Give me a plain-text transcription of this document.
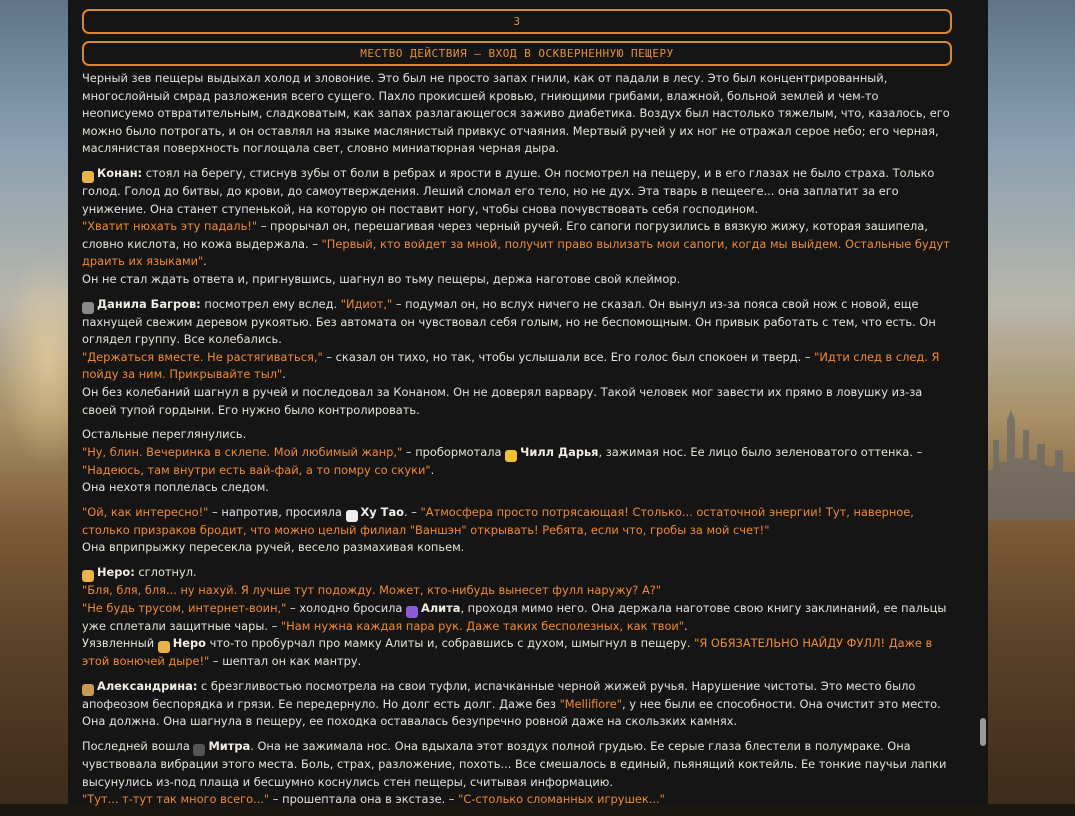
3
МЕСТВО ДЕЙСТВИЯ – ВХОД В ОСКВЕРНЕННУЮ ПЕЩЕРУ

Черный зев пещеры выдыхал холод и зловоние. Это был не просто запах гнили, как от падали в лесу. Это был концентрированный, многослойный смрад разложения всего сущего. Пахло прокисшей кровью, гниющими грибами, влажной, больной землей и чем-то неописуемо отвратительным, сладковатым, как запах разлагающегося заживо диабетика. Воздух был настолько тяжелым, что, казалось, его можно было потрогать, и он оставлял на языке маслянистый привкус отчаяния. Мертвый ручей у их ног не отражал серое небо; его черная, маслянистая поверхность поглощала свет, словно миниатюрная черная дыра.

Конан: стоял на берегу, стиснув зубы от боли в ребрах и ярости в душе. Он посмотрел на пещеру, и в его глазах не было страха. Только голод. Голод до битвы, до крови, до самоутверждения. Леший сломал его тело, но не дух. Эта тварь в пещееге... она заплатит за его унижение. Она станет ступенькой, на которую он поставит ногу, чтобы снова почувствовать себя господином.
"Хватит нюхать эту падаль!" – прорычал он, перешагивая через черный ручей. Его сапоги погрузились в вязкую жижу, которая зашипела, словно кислота, но кожа выдержала. – "Первый, кто войдет за мной, получит право вылизать мои сапоги, когда мы выйдем. Остальные будут драить их языками".
Он не стал ждать ответа и, пригнувшись, шагнул во тьму пещеры, держа наготове свой клеймор.

Данила Багров: посмотрел ему вслед. "Идиот," – подумал он, но вслух ничего не сказал. Он вынул из-за пояса свой нож с новой, еще пахнущей свежим деревом рукоятью. Без автомата он чувствовал себя голым, но не беспомощным. Он привык работать с тем, что есть. Он оглядел группу. Все колебались.
"Держаться вместе. Не растягиваться," – сказал он тихо, но так, чтобы услышали все. Его голос был спокоен и тверд. – "Идти след в след. Я пойду за ним. Прикрывайте тыл".
Он без колебаний шагнул в ручей и последовал за Конаном. Он не доверял варвару. Такой человек мог завести их прямо в ловушку из-за своей тупой гордыни. Его нужно было контролировать.

Остальные переглянулись.
"Ну, блин. Вечеринка в склепе. Мой любимый жанр," – пробормотала Чилл Дарья, зажимая нос. Ее лицо было зеленоватого оттенка. – "Надеюсь, там внутри есть вай-фай, а то помру со скуки".
Она нехотя поплелась следом.

"Ой, как интересно!" – напротив, просияла Ху Тао. – "Атмосфера просто потрясающая! Столько... остаточной энергии! Тут, наверное, столько призраков бродит, что можно целый филиал "Ваншэн" открывать! Ребята, если что, гробы за мой счет!"
Она вприпрыжку пересекла ручей, весело размахивая копьем.

Неро: сглотнул.
"Бля, бля, бля... ну нахуй. Я лучше тут подожду. Может, кто-нибудь вынесет фулл наружу? А?"
"Не будь трусом, интернет-воин," – холодно бросила Алита, проходя мимо него. Она держала наготове свою книгу заклинаний, ее пальцы уже сплетали защитные чары. – "Нам нужна каждая пара рук. Даже таких бесполезных, как твои".
Уязвленный Неро что-то пробурчал про мамку Алиты и, собравшись с духом, шмыгнул в пещеру. "Я ОБЯЗАТЕЛЬНО НАЙДУ ФУЛЛ! Даже в этой вонючей дыре!" – шептал он как мантру.

Александрина: с брезгливостью посмотрела на свои туфли, испачканные черной жижей ручья. Нарушение чистоты. Это место было апофеозом беспорядка и грязи. Ее передернуло. Но долг есть долг. Даже без "Mellifiore", у нее были ее способности. Она очистит это место. Она должна. Она шагнула в пещеру, ее походка оставалась безупречно ровной даже на скользких камнях.

Последней вошла Митра. Она не зажимала нос. Она вдыхала этот воздух полной грудью. Ее серые глаза блестели в полумраке. Она чувствовала вибрации этого места. Боль, страх, разложение, похоть... Все смешалось в единый, пьянящий коктейль. Ее тонкие паучьи лапки высунулись из-под плаща и бесшумно коснулись стен пещеры, считывая информацию.
"Тут... т-тут так много всего..." – прошептала она в экстазе. – "С-столько сломанных игрушек..."
